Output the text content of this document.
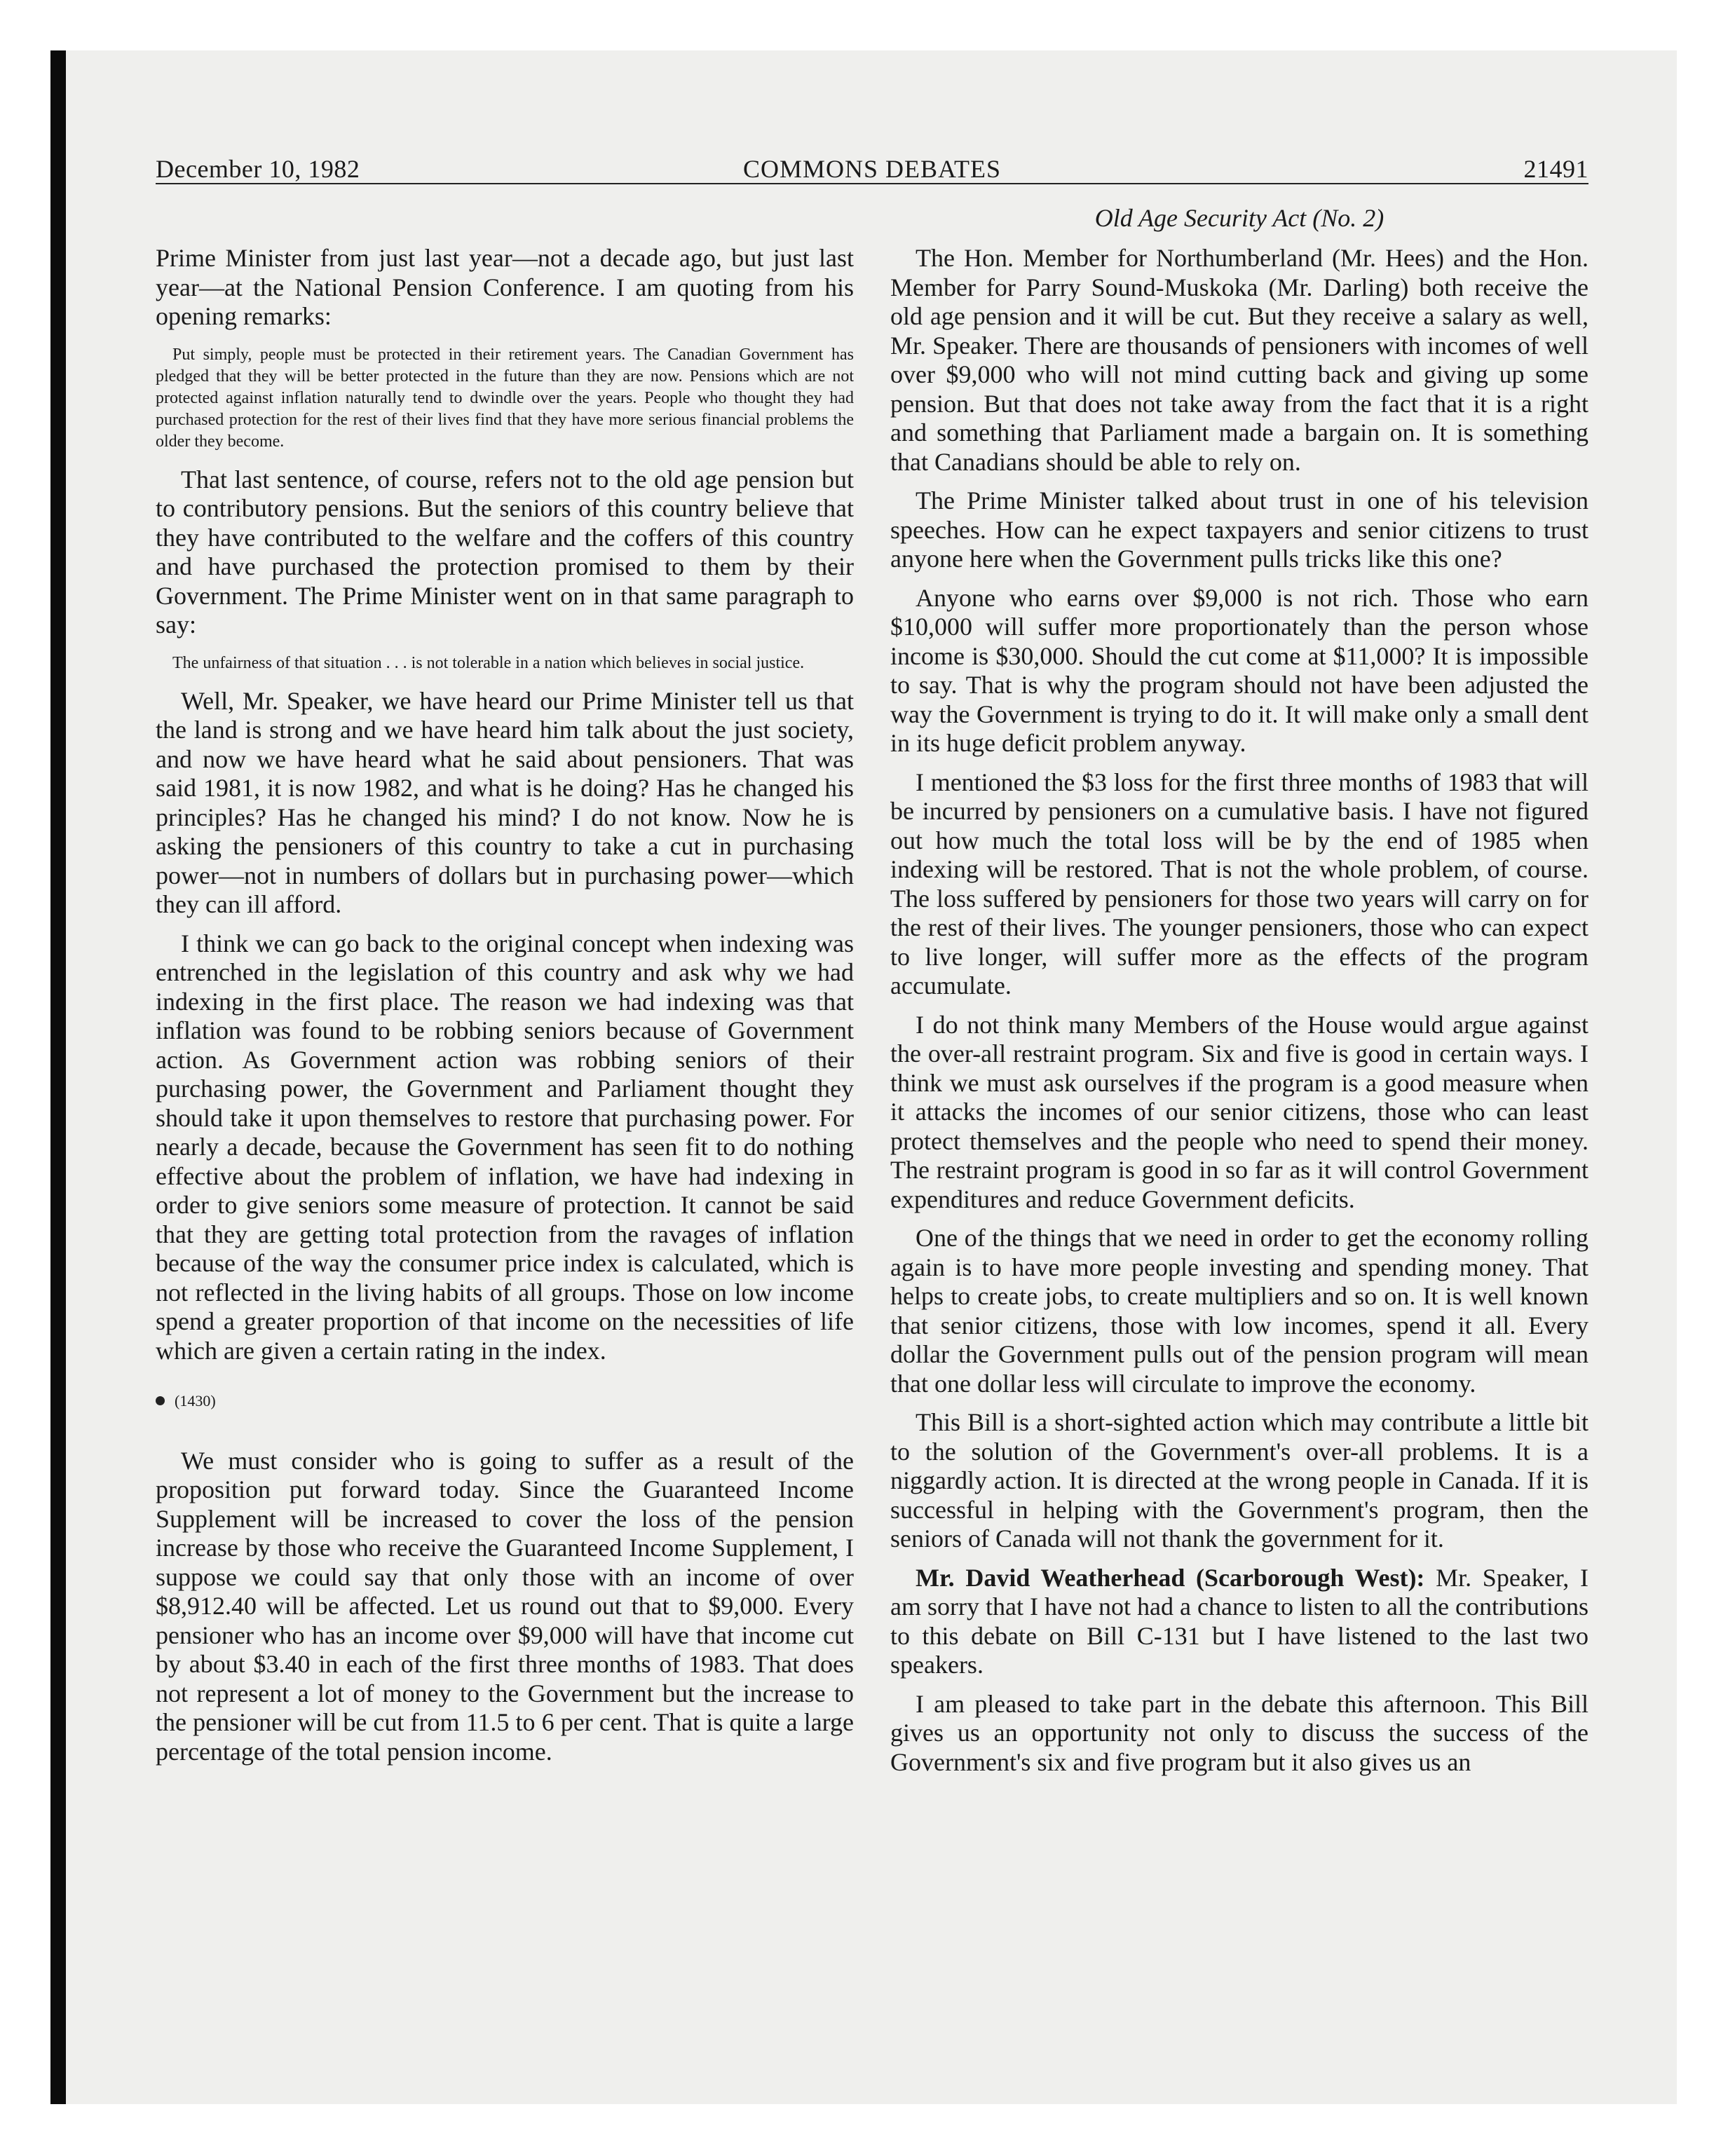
December 10, 1982	COMMONS DEBATES	21491
Old Age Security Act (No. 2)

Prime Minister from just last year—not a decade ago, but just last year—at the National Pension Conference. I am quoting from his opening remarks:

Put simply, people must be protected in their retirement years. The Canadian Government has pledged that they will be better protected in the future than they are now. Pensions which are not protected against inflation naturally tend to dwindle over the years. People who thought they had purchased protection for the rest of their lives find that they have more serious financial problems the older they become.

That last sentence, of course, refers not to the old age pension but to contributory pensions. But the seniors of this country believe that they have contributed to the welfare and the coffers of this country and have purchased the protection promised to them by their Government. The Prime Minister went on in that same paragraph to say:

The unfairness of that situation . . . is not tolerable in a nation which believes in social justice.

Well, Mr. Speaker, we have heard our Prime Minister tell us that the land is strong and we have heard him talk about the just society, and now we have heard what he said about pensioners. That was said 1981, it is now 1982, and what is he doing? Has he changed his principles? Has he changed his mind? I do not know. Now he is asking the pensioners of this country to take a cut in purchasing power—not in numbers of dollars but in purchasing power—which they can ill afford.

I think we can go back to the original concept when indexing was entrenched in the legislation of this country and ask why we had indexing in the first place. The reason we had indexing was that inflation was found to be robbing seniors because of Government action. As Government action was robbing seniors of their purchasing power, the Government and Parliament thought they should take it upon themselves to restore that purchasing power. For nearly a decade, because the Government has seen fit to do nothing effective about the problem of inflation, we have had indexing in order to give seniors some measure of protection. It cannot be said that they are getting total protection from the ravages of inflation because of the way the consumer price index is calculated, which is not reflected in the living habits of all groups. Those on low income spend a greater proportion of that income on the necessities of life which are given a certain rating in the index.

(1430)

We must consider who is going to suffer as a result of the proposition put forward today. Since the Guaranteed Income Supplement will be increased to cover the loss of the pension increase by those who receive the Guaranteed Income Supplement, I suppose we could say that only those with an income of over $8,912.40 will be affected. Let us round out that to $9,000. Every pensioner who has an income over $9,000 will have that income cut by about $3.40 in each of the first three months of 1983. That does not represent a lot of money to the Government but the increase to the pensioner will be cut from 11.5 to 6 per cent. That is quite a large percentage of the total pension income.

The Hon. Member for Northumberland (Mr. Hees) and the Hon. Member for Parry Sound-Muskoka (Mr. Darling) both receive the old age pension and it will be cut. But they receive a salary as well, Mr. Speaker. There are thousands of pensioners with incomes of well over $9,000 who will not mind cutting back and giving up some pension. But that does not take away from the fact that it is a right and something that Parliament made a bargain on. It is something that Canadians should be able to rely on.

The Prime Minister talked about trust in one of his television speeches. How can he expect taxpayers and senior citizens to trust anyone here when the Government pulls tricks like this one?

Anyone who earns over $9,000 is not rich. Those who earn $10,000 will suffer more proportionately than the person whose income is $30,000. Should the cut come at $11,000? It is impossible to say. That is why the program should not have been adjusted the way the Government is trying to do it. It will make only a small dent in its huge deficit problem anyway.

I mentioned the $3 loss for the first three months of 1983 that will be incurred by pensioners on a cumulative basis. I have not figured out how much the total loss will be by the end of 1985 when indexing will be restored. That is not the whole problem, of course. The loss suffered by pensioners for those two years will carry on for the rest of their lives. The younger pensioners, those who can expect to live longer, will suffer more as the effects of the program accumulate.

I do not think many Members of the House would argue against the over-all restraint program. Six and five is good in certain ways. I think we must ask ourselves if the program is a good measure when it attacks the incomes of our senior citizens, those who can least protect themselves and the people who need to spend their money. The restraint program is good in so far as it will control Government expenditures and reduce Government deficits.

One of the things that we need in order to get the economy rolling again is to have more people investing and spending money. That helps to create jobs, to create multipliers and so on. It is well known that senior citizens, those with low incomes, spend it all. Every dollar the Government pulls out of the pension program will mean that one dollar less will circulate to improve the economy.

This Bill is a short-sighted action which may contribute a little bit to the solution of the Government's over-all problems. It is a niggardly action. It is directed at the wrong people in Canada. If it is successful in helping with the Government's program, then the seniors of Canada will not thank the government for it.

Mr. David Weatherhead (Scarborough West): Mr. Speaker, I am sorry that I have not had a chance to listen to all the contributions to this debate on Bill C-131 but I have listened to the last two speakers.

I am pleased to take part in the debate this afternoon. This Bill gives us an opportunity not only to discuss the success of the Government's six and five program but it also gives us an
